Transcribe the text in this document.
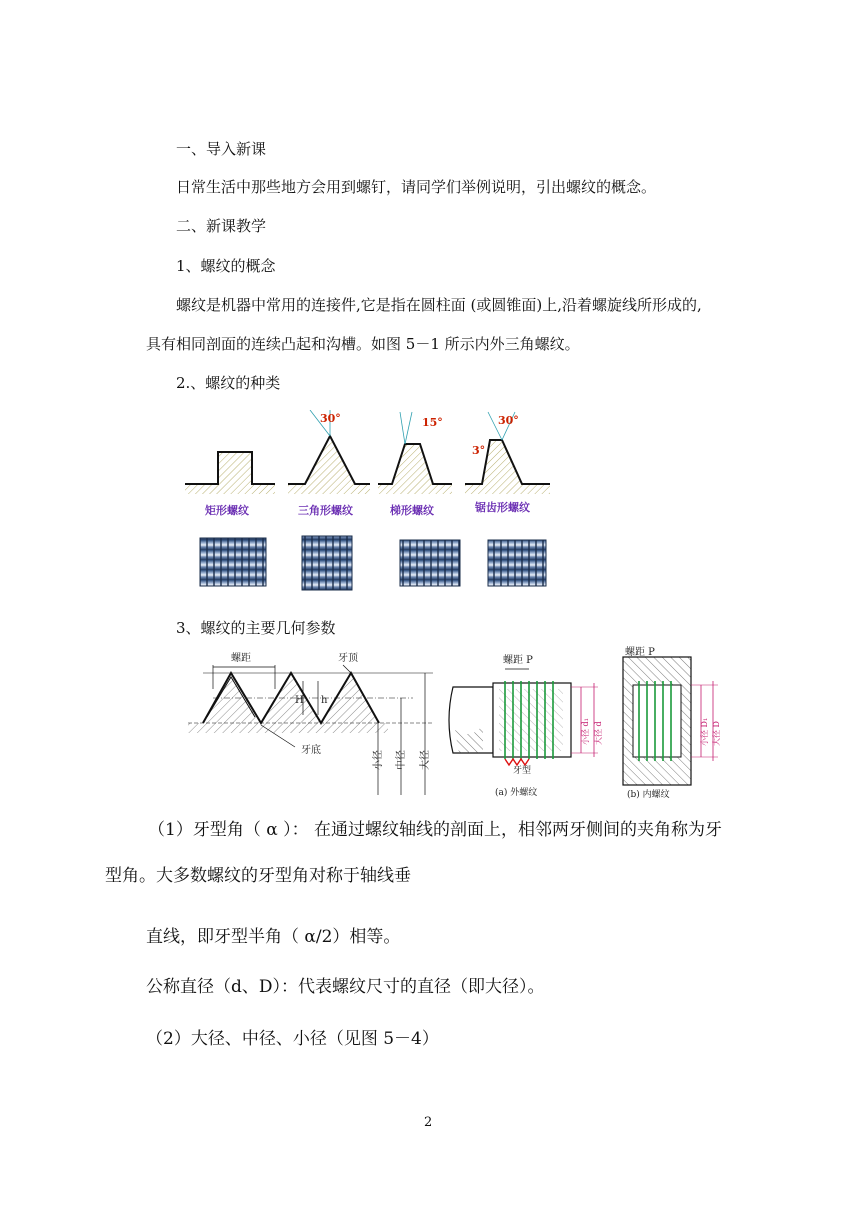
一、导入新课
日常生活中那些地方会用到螺钉，请同学们举例说明，引出螺纹的概念。
二、新课教学
1、螺纹的概念
螺纹是机器中常用的连接件,它是指在圆柱面 (或圆锥面)上,沿着螺旋线所形成的,
具有相同剖面的连续凸起和沟槽。如图 5－1 所示内外三角螺纹。
2.、螺纹的种类
30°	15°	30°
3°
矩形螺纹	三角形螺纹	梯形螺纹	锯齿形螺纹
3、螺纹的主要几何参数
螺距	牙顶
牙底
H h
小径 中径 大径
小径 d₁ 大径 d
螺距 P
牙型
(a) 外螺纹
小径 D₁ 大径 D
螺距 P
(b) 内螺纹
（1）牙型角（ α ）： 在通过螺纹轴线的剖面上，相邻两牙侧间的夹角称为牙
型角。大多数螺纹的牙型角对称于轴线垂
直线，即牙型半角（ α/2）相等。
公称直径（d、D）：代表螺纹尺寸的直径（即大径）。
（2）大径、中径、小径（见图 5－4）
2
